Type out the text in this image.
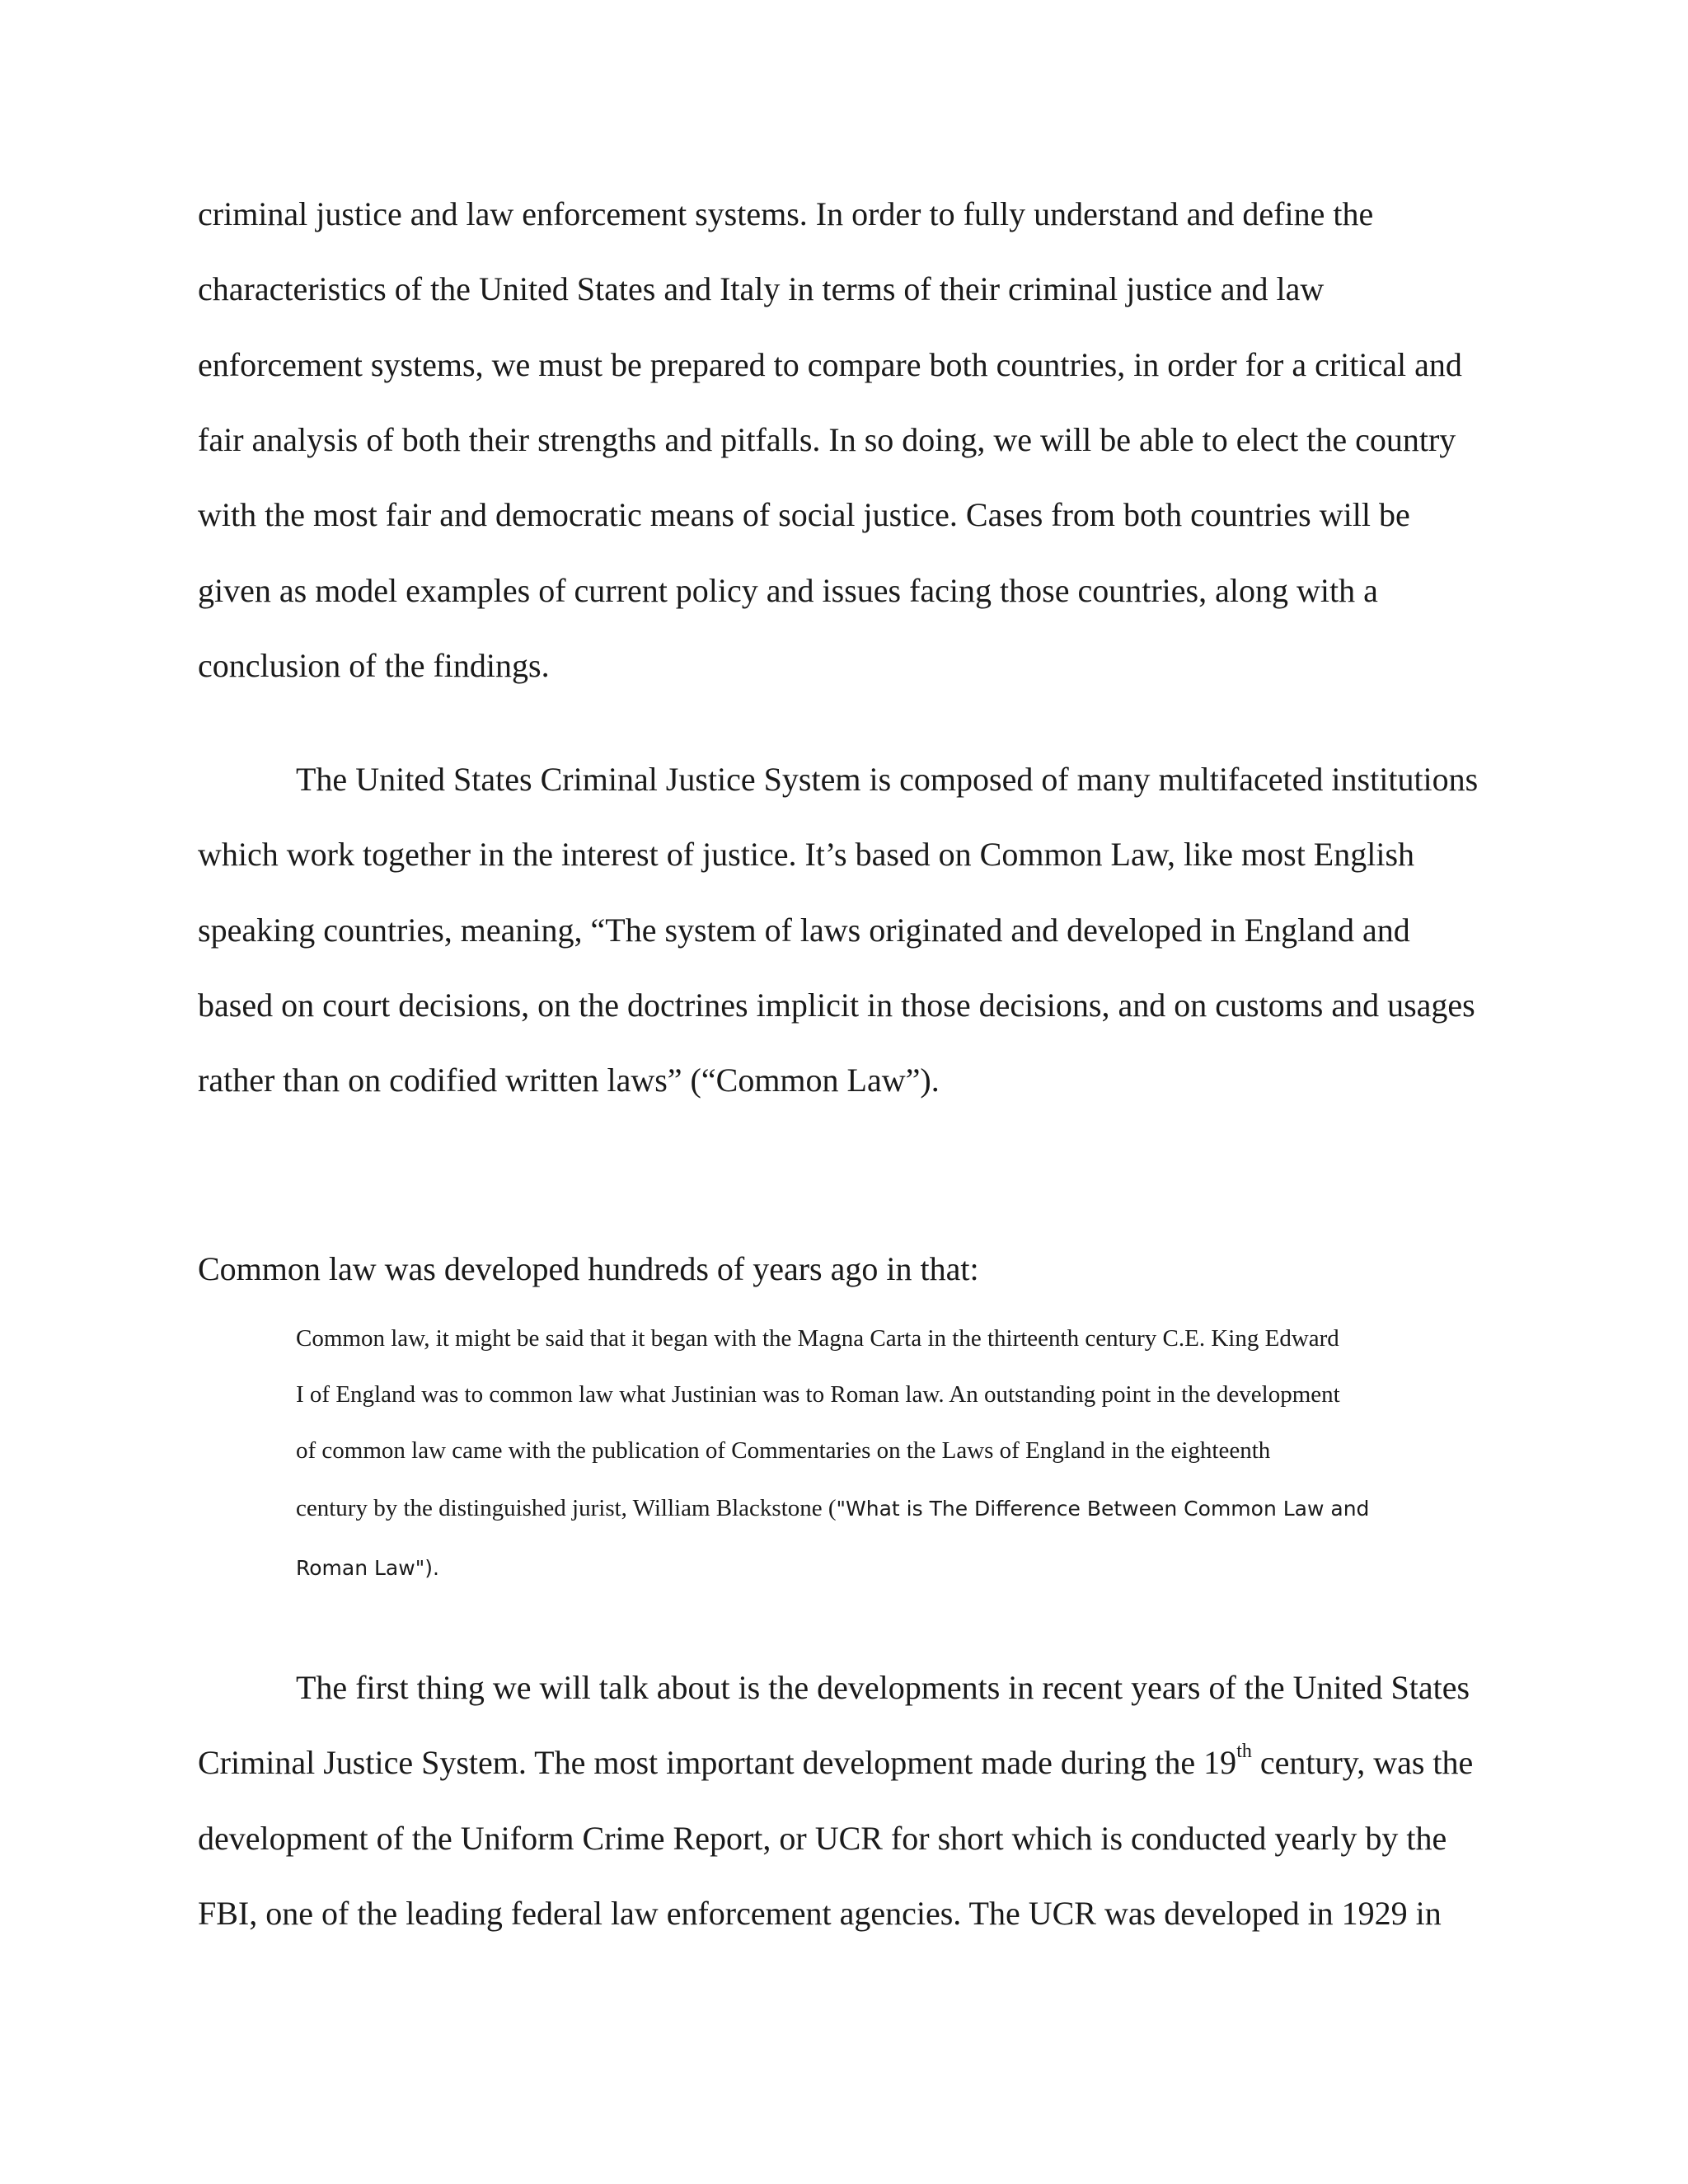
criminal justice and law enforcement systems. In order to fully understand and define the

characteristics of the United States and Italy in terms of their criminal justice and law

enforcement systems, we must be prepared to compare both countries, in order for a critical and

fair analysis of both their strengths and pitfalls. In so doing, we will be able to elect the country

with the most fair and democratic means of social justice. Cases from both countries will be

given as model examples of current policy and issues facing those countries, along with a

conclusion of the findings.

The United States Criminal Justice System is composed of many multifaceted institutions

which work together in the interest of justice. It’s based on Common Law, like most English

speaking countries, meaning, “The system of laws originated and developed in England and

based on court decisions, on the doctrines implicit in those decisions, and on customs and usages

rather than on codified written laws” (“Common Law”).

Common law was developed hundreds of years ago in that:

Common law, it might be said that it began with the Magna Carta in the thirteenth century C.E. King Edward

I of England was to common law what Justinian was to Roman law. An outstanding point in the development

of common law came with the publication of Commentaries on the Laws of England in the eighteenth

century by the distinguished jurist, William Blackstone ("What is The Difference Between Common Law and

Roman Law").

The first thing we will talk about is the developments in recent years of the United States

Criminal Justice System. The most important development made during the 19th century, was the

development of the Uniform Crime Report, or UCR for short which is conducted yearly by the

FBI, one of the leading federal law enforcement agencies. The UCR was developed in 1929 in
